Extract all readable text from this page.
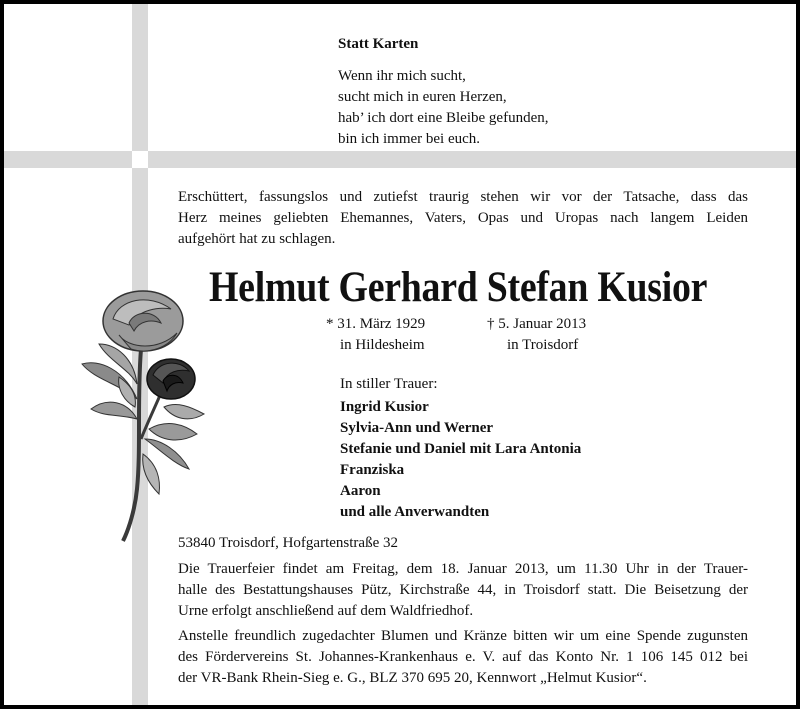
Statt Karten
Wenn ihr mich sucht,
sucht mich in euren Herzen,
hab’ ich dort eine Bleibe gefunden,
bin ich immer bei euch.
Erschüttert, fassungslos und zutiefst traurig stehen wir vor der Tatsache, dass das
Herz meines geliebten Ehemannes, Vaters, Opas und Uropas nach langem Leiden
aufgehört hat zu schlagen.
Helmut Gerhard Stefan Kusior
* 31. März 1929
in Hildesheim
† 5. Januar 2013
in Troisdorf
In stiller Trauer:
Ingrid Kusior
Sylvia-Ann und Werner
Stefanie und Daniel mit Lara Antonia
Franziska
Aaron
und alle Anverwandten
53840 Troisdorf, Hofgartenstraße 32
Die Trauerfeier findet am Freitag, dem 18. Januar 2013, um 11.30 Uhr in der Trauer-
halle des Bestattungshauses Pütz, Kirchstraße 44, in Troisdorf statt. Die Beisetzung der
Urne erfolgt anschließend auf dem Waldfriedhof.
Anstelle freundlich zugedachter Blumen und Kränze bitten wir um eine Spende zugunsten
des Fördervereins St. Johannes-Krankenhaus e. V. auf das Konto Nr. 1 106 145 012 bei
der VR-Bank Rhein-Sieg e. G., BLZ 370 695 20, Kennwort „Helmut Kusior“.
